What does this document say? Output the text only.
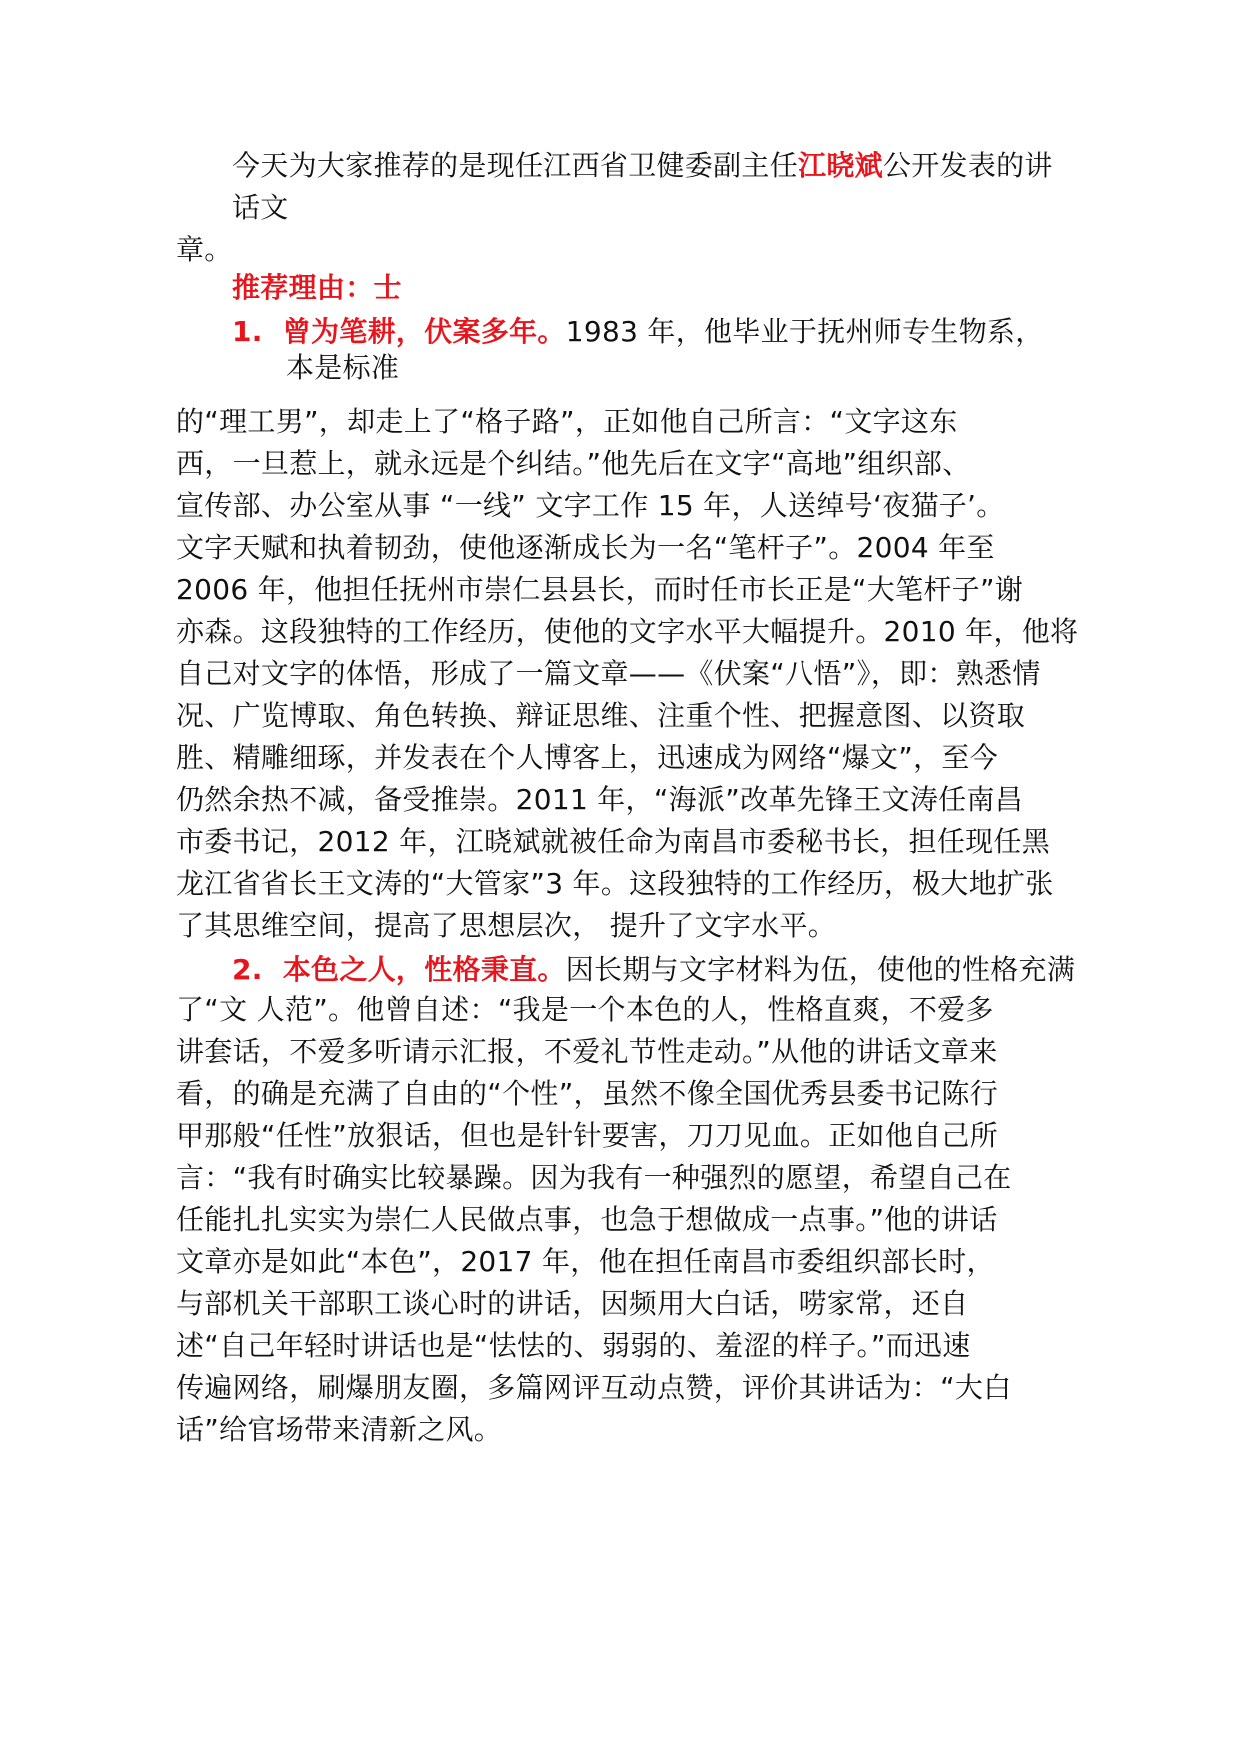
今天为大家推荐的是现任江西省卫健委副主任江晓斌公开发表的讲
话文
章。
推荐理由：士
1. 曾为笔耕，伏案多年。1983 年，他毕业于抚州师专生物系，
本是标准
的“理工男”，却走上了“格子路”，正如他自己所言：“文字这东
西，一旦惹上，就永远是个纠结。”他先后在文字“高地”组织部、
宣传部、办公室从事 “一线” 文字工作 15 年，人送绰号‘夜猫子’。
文字天赋和执着韧劲，使他逐渐成长为一名“笔杆子”。2004 年至
2006 年，他担任抚州市崇仁县县长，而时任市长正是“大笔杆子”谢
亦森。这段独特的工作经历，使他的文字水平大幅提升。2010 年，他将
自己对文字的体悟，形成了一篇文章——《伏案“八悟”》，即：熟悉情
况、广览博取、角色转换、辩证思维、注重个性、把握意图、以资取
胜、精雕细琢，并发表在个人博客上，迅速成为网络“爆文”，至今
仍然余热不减，备受推崇。2011 年，“海派”改革先锋王文涛任南昌
市委书记，2012 年，江晓斌就被任命为南昌市委秘书长，担任现任黑
龙江省省长王文涛的“大管家”3 年。这段独特的工作经历，极大地扩张
了其思维空间，提高了思想层次， 提升了文字水平。
2. 本色之人，性格秉直。因长期与文字材料为伍，使他的性格充满
了“文 人范”。他曾自述：“我是一个本色的人，性格直爽，不爱多
讲套话，不爱多听请示汇报，不爱礼节性走动。”从他的讲话文章来
看，的确是充满了自由的“个性”，虽然不像全国优秀县委书记陈行
甲那般“任性”放狠话，但也是针针要害，刀刀见血。正如他自己所
言：“我有时确实比较暴躁。因为我有一种强烈的愿望，希望自己在
任能扎扎实实为崇仁人民做点事，也急于想做成一点事。”他的讲话
文章亦是如此“本色”，2017 年，他在担任南昌市委组织部长时，
与部机关干部职工谈心时的讲话，因频用大白话，唠家常，还自
述“自己年轻时讲话也是“怯怯的、弱弱的、羞涩的样子。”而迅速
传遍网络，刷爆朋友圈，多篇网评互动点赞，评价其讲话为：“大白
话”给官场带来清新之风。
